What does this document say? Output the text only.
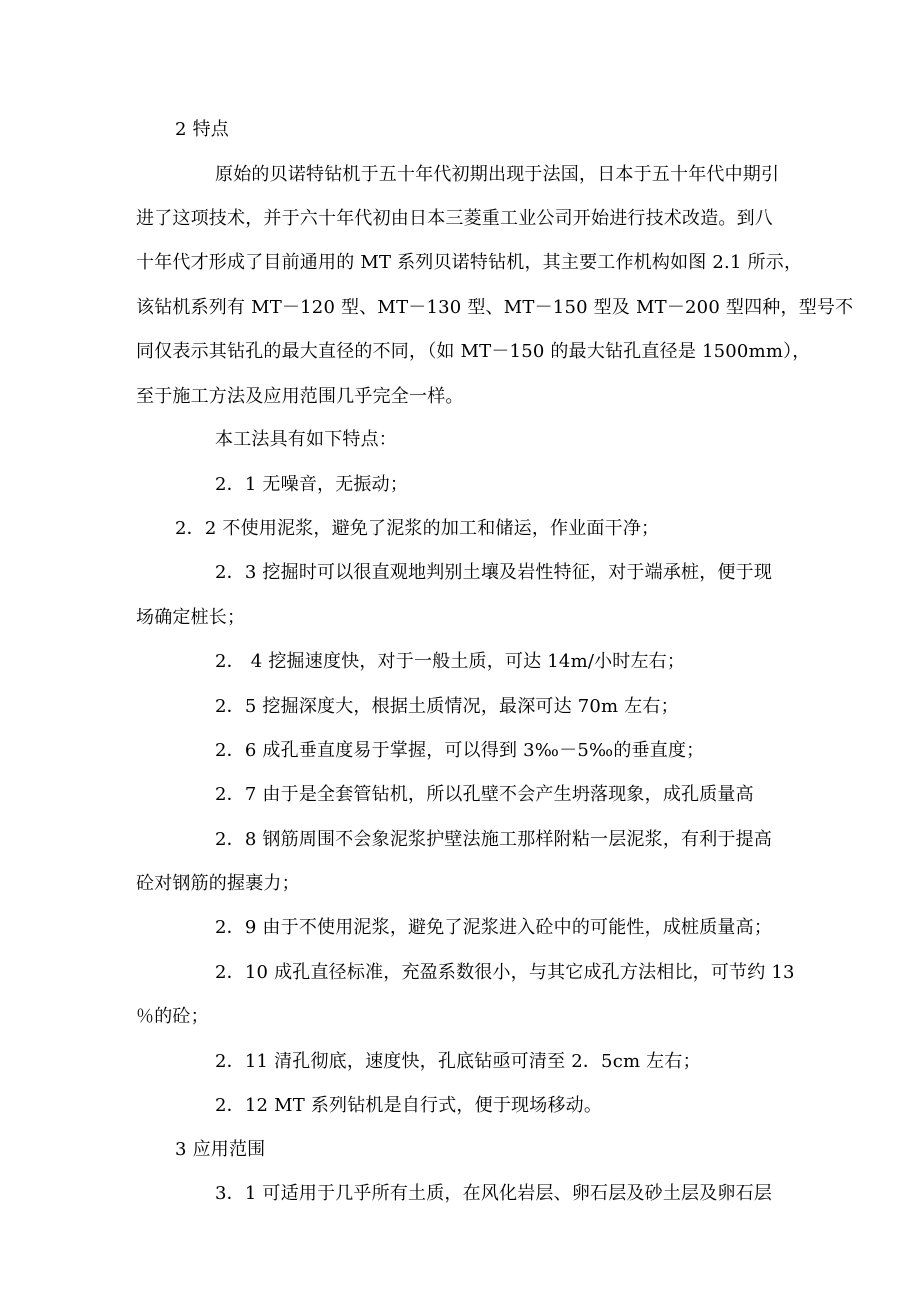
2 特点
原始的贝诺特钻机于五十年代初期出现于法国，日本于五十年代中期引
进了这项技术，并于六十年代初由日本三菱重工业公司开始进行技术改造。到八
十年代才形成了目前通用的 MT 系列贝诺特钻机，其主要工作机构如图 2.1 所示，
该钻机系列有 MT－120 型、MT－130 型、MT－150 型及 MT－200 型四种，型号不
同仅表示其钻孔的最大直径的不同，（如 MT－150 的最大钻孔直径是 1500mm），
至于施工方法及应用范围几乎完全一样。
本工法具有如下特点：
2．1 无噪音，无振动；
2．2 不使用泥浆，避免了泥浆的加工和储运，作业面干净；
2．3 挖掘时可以很直观地判别土壤及岩性特征，对于端承桩，便于现
场确定桩长；
2． 4 挖掘速度快，对于一般土质，可达 14m/小时左右；
2．5 挖掘深度大，根据土质情况，最深可达 70m 左右；
2．6 成孔垂直度易于掌握，可以得到 3‰－5‰的垂直度；
2．7 由于是全套管钻机，所以孔壁不会产生坍落现象，成孔质量高
2．8 钢筋周围不会象泥浆护壁法施工那样附粘一层泥浆，有利于提高
砼对钢筋的握裹力；
2．9 由于不使用泥浆，避免了泥浆进入砼中的可能性，成桩质量高；
2．10 成孔直径标准，充盈系数很小，与其它成孔方法相比，可节约 13
％的砼；
2．11 清孔彻底，速度快，孔底钻亟可清至 2．5cm 左右；
2．12 MT 系列钻机是自行式，便于现场移动。
3 应用范围
3．1 可适用于几乎所有土质，在风化岩层、卵石层及砂土层及卵石层
